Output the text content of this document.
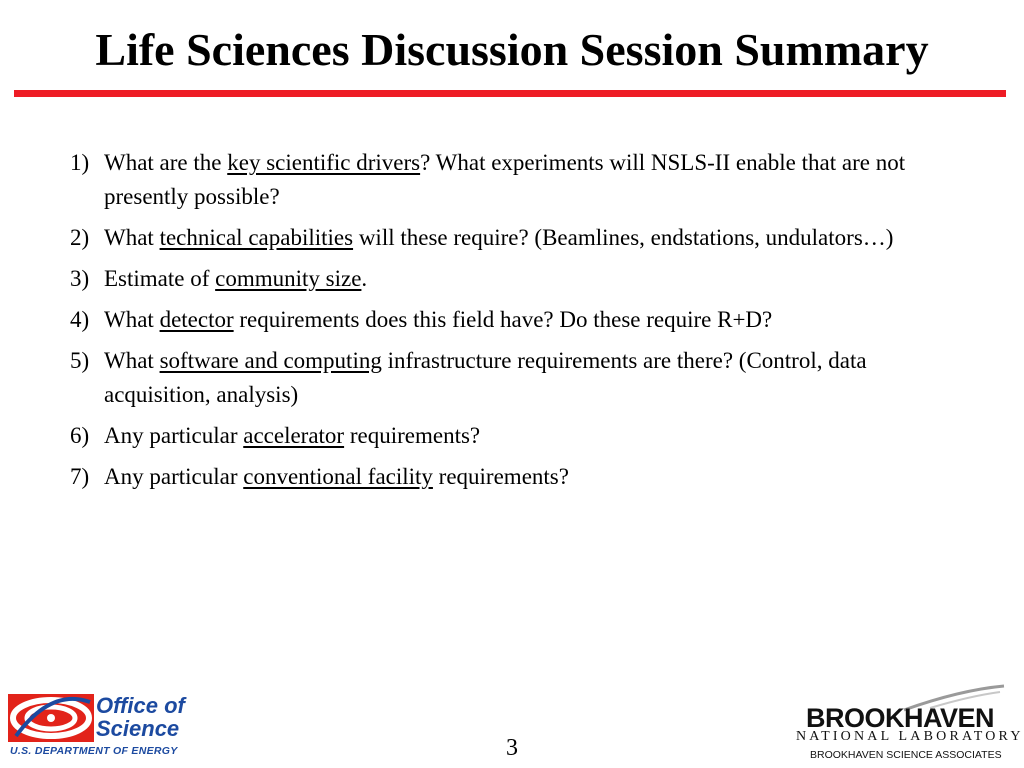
Life Sciences Discussion Session Summary
1) What are the key scientific drivers? What experiments will NSLS-II enable that are not presently possible?
2) What technical capabilities will these require? (Beamlines, endstations, undulators…)
3) Estimate of community size.
4) What detector requirements does this field have? Do these require R+D?
5) What software and computing infrastructure requirements are there? (Control, data acquisition, analysis)
6) Any particular accelerator requirements?
7) Any particular conventional facility requirements?
Office of
Science
U.S. DEPARTMENT OF ENERGY	3
BROOKHAVEN
NATIONAL LABORATORY
BROOKHAVEN SCIENCE ASSOCIATES
